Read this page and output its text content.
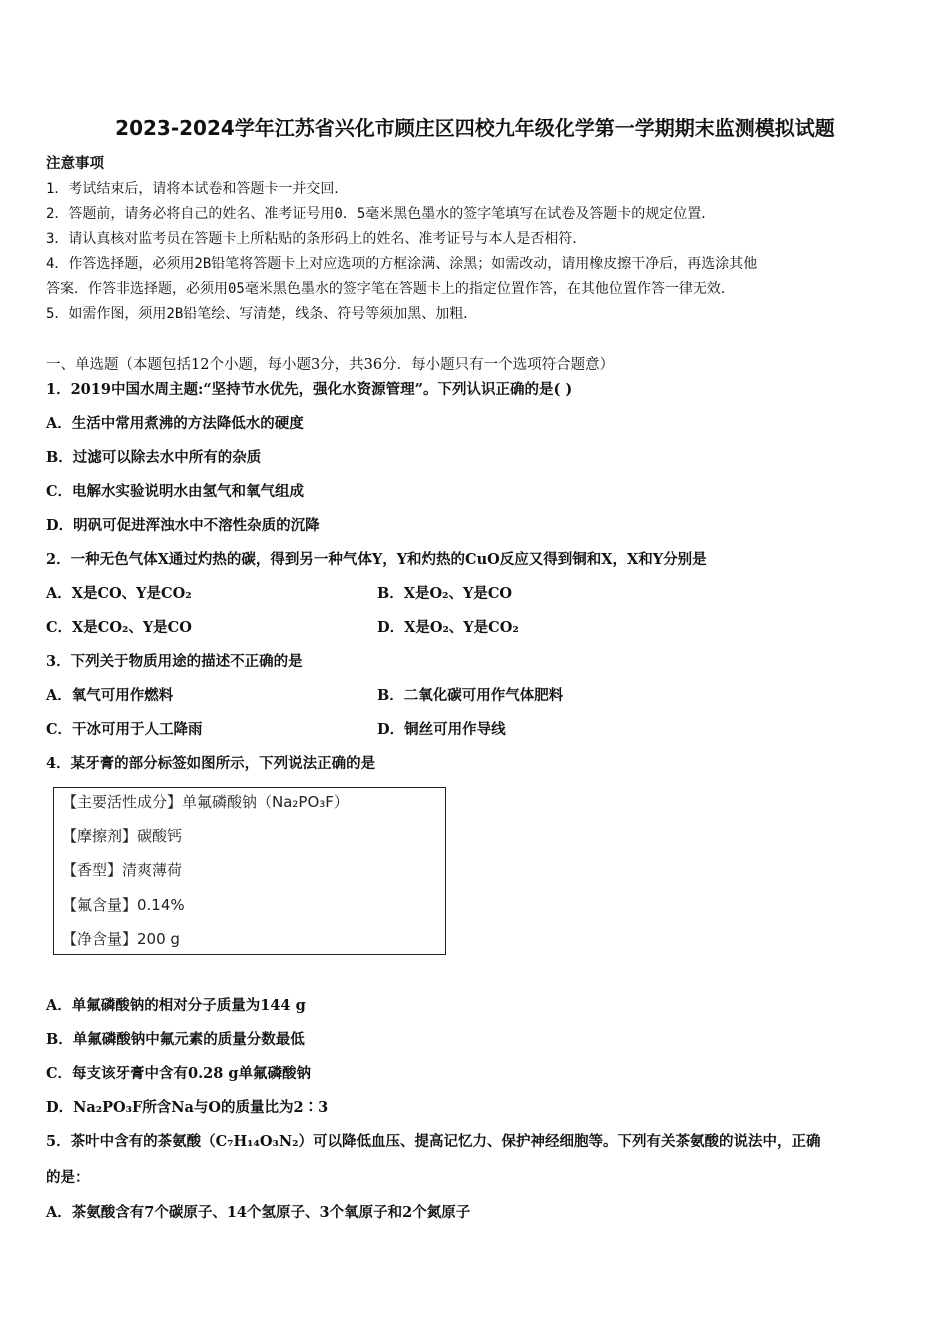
2023-2024学年江苏省兴化市顾庄区四校九年级化学第一学期期末监测模拟试题
注意事项
1．考试结束后，请将本试卷和答题卡一并交回．
2．答题前，请务必将自己的姓名、准考证号用0．5毫米黑色墨水的签字笔填写在试卷及答题卡的规定位置．
3．请认真核对监考员在答题卡上所粘贴的条形码上的姓名、准考证号与本人是否相符．
4．作答选择题，必须用2B铅笔将答题卡上对应选项的方框涂满、涂黑；如需改动，请用橡皮擦干净后，再选涂其他
答案．作答非选择题，必须用05毫米黑色墨水的签字笔在答题卡上的指定位置作答，在其他位置作答一律无效．
5．如需作图，须用2B铅笔绘、写清楚，线条、符号等须加黑、加粗．
一、单选题（本题包括12个小题，每小题3分，共36分．每小题只有一个选项符合题意）
1．2019中国水周主题:“坚持节水优先，强化水资源管理”。下列认识正确的是( )
A．生活中常用煮沸的方法降低水的硬度
B．过滤可以除去水中所有的杂质
C．电解水实验说明水由氢气和氧气组成
D．明矾可促进浑浊水中不溶性杂质的沉降
2．一种无色气体X通过灼热的碳，得到另一种气体Y，Y和灼热的CuO反应又得到铜和X，X和Y分别是
A．X是CO、Y是CO₂	B．X是O₂、Y是CO
C．X是CO₂、Y是CO	D．X是O₂、Y是CO₂
3．下列关于物质用途的描述不正确的是
A．氧气可用作燃料	B．二氧化碳可用作气体肥料
C．干冰可用于人工降雨	D．铜丝可用作导线
4．某牙膏的部分标签如图所示，下列说法正确的是
【主要活性成分】单氟磷酸钠（Na₂PO₃F）
【摩擦剂】碳酸钙
【香型】清爽薄荷
【氟含量】0.14%
【净含量】200 g
A．单氟磷酸钠的相对分子质量为144 g
B．单氟磷酸钠中氟元素的质量分数最低
C．每支该牙膏中含有0.28 g单氟磷酸钠
D．Na₂PO₃F所含Na与O的质量比为2∶3
5．茶叶中含有的茶氨酸（C₇H₁₄O₃N₂）可以降低血压、提高记忆力、保护神经细胞等。下列有关茶氨酸的说法中，正确
的是：
A．茶氨酸含有7个碳原子、14个氢原子、3个氧原子和2个氮原子
